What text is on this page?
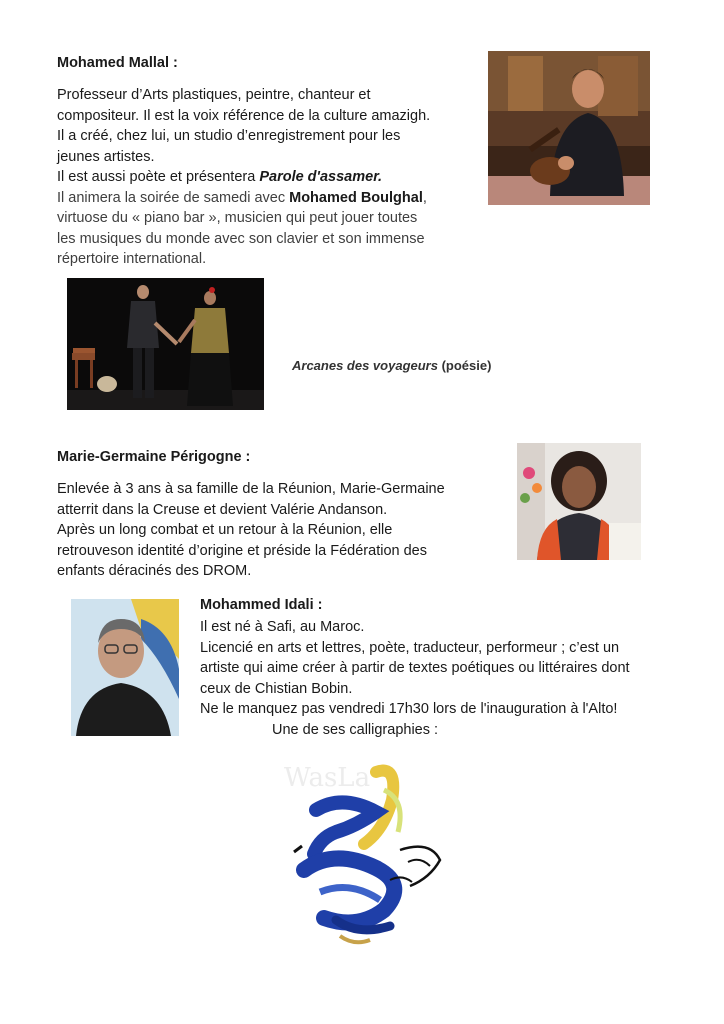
Mohamed Mallal :
Professeur d’Arts plastiques, peintre, chanteur et
compositeur. Il est la voix référence de la culture amazigh.
Il a créé, chez lui, un studio d’enregistrement pour les
jeunes artistes.
Il est aussi poète et présentera Parole d'assamer.
Il animera la soirée de samedi avec Mohamed Boulghal,
virtuose du « piano bar », musicien qui peut jouer toutes
les musiques du monde avec son clavier et son immense
répertoire international.
Arcanes des voyageurs (poésie)
Marie-Germaine Périgogne :
Enlevée à 3 ans à sa famille de la Réunion, Marie-Germaine
atterrit dans la Creuse et devient Valérie Andanson.
Après un long combat et un retour à la Réunion, elle
retrouveson identité d’origine et préside la Fédération des
enfants déracinés des DROM.
Mohammed Idali :
Il est né à Safi, au Maroc.
Licencié en arts et lettres, poète, traducteur, performeur ; c’est un
artiste qui aime créer à partir de textes poétiques ou littéraires dont
ceux de Chistian Bobin.
Ne le manquez pas vendredi 17h30 lors de l'inauguration à l'Alto!
Une de ses calligraphies :
WasLa
